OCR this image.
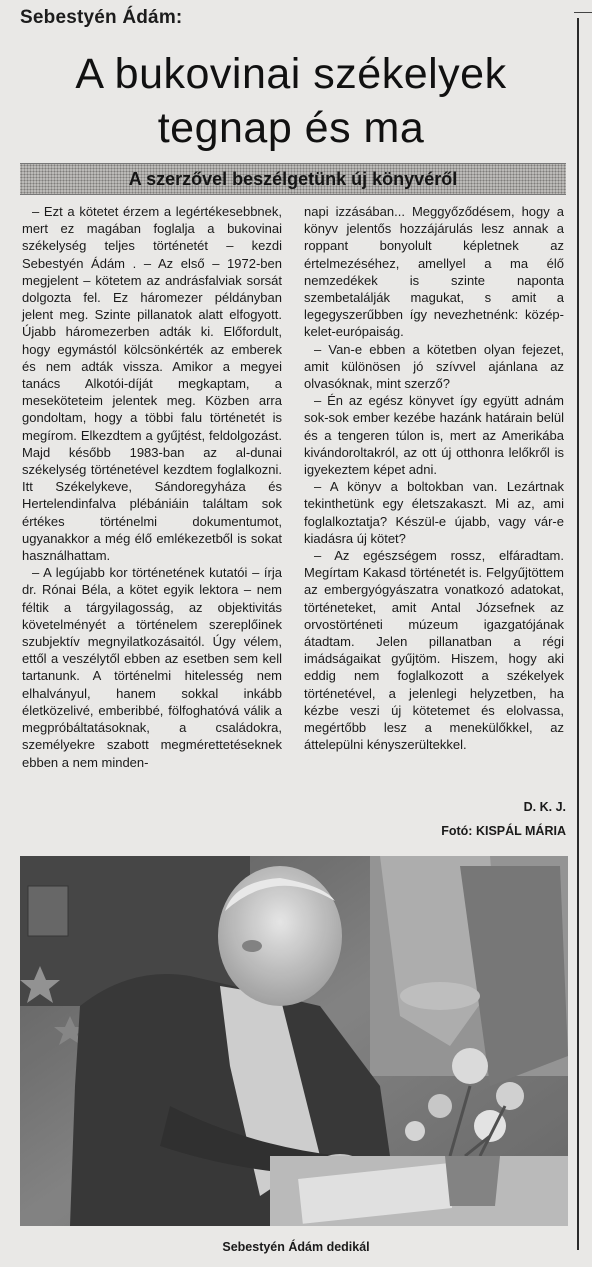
Sebestyén Ádám:
A bukovinai székelyek
tegnap és ma
A szerzővel beszélgetünk új könyvéről

– Ezt a kötetet érzem a legértékesebbnek, mert ez magában foglalja a bukovinai székelység teljes történetét – kezdi Sebestyén Ádám . – Az első – 1972-ben megjelent – kötetem az andrásfalviak sorsát dolgozta fel. Ez háromezer példányban jelent meg. Szinte pillanatok alatt elfogyott. Újabb háromezerben adták ki. Előfordult, hogy egymástól kölcsönkérték az emberek és nem adták vissza. Amikor a megyei tanács Alkotói-díját megkaptam, a meseköteteim jelentek meg. Közben arra gondoltam, hogy a többi falu történetét is megírom. Elkezdtem a gyűjtést, feldolgozást. Majd később 1983-ban az al-dunai székelység történetével kezdtem foglalkozni. Itt Székelykeve, Sándoregyháza és Hertelendinfalva plébániáin találtam sok értékes történelmi dokumentumot, ugyanakkor a még élő emlékezetből is sokat használhattam.

– A legújabb kor történetének kutatói – írja dr. Rónai Béla, a kötet egyik lektora – nem féltik a tárgyilagosság, az objektivitás követelményét a történelem szereplőinek szubjektív megnyilatkozásaitól. Úgy vélem, ettől a veszélytől ebben az esetben sem kell tartanunk. A történelmi hitelesség nem elhalványul, hanem sokkal inkább életközelivé, emberibbé, fölfoghatóvá válik a megpróbáltatásoknak, a családokra, személyekre szabott megmérettetéseknek ebben a nem minden-

napi izzásában... Meggyőződésem, hogy a könyv jelentős hozzájárulás lesz annak a roppant bonyolult képletnek az értelmezéséhez, amellyel a ma élő nemzedékek is szinte naponta szembetalálják magukat, s amit a legegyszerűbben így nevezhetnénk: közép-kelet-európaiság.

– Van-e ebben a kötetben olyan fejezet, amit különösen jó szívvel ajánlana az olvasóknak, mint szerző?

– Én az egész könyvet így együtt adnám sok-sok ember kezébe hazánk határain belül és a tengeren túlon is, mert az Amerikába kivándoroltakról, az ott új otthonra lelőkről is igyekeztem képet adni.

– A könyv a boltokban van. Lezártnak tekinthetünk egy életszakaszt. Mi az, ami foglalkoztatja? Készül-e újabb, vagy vár-e kiadásra új kötet?

– Az egészségem rossz, elfáradtam. Megírtam Kakasd történetét is. Felgyűjtöttem az embergyógyászatra vonatkozó adatokat, történeteket, amit Antal Józsefnek az orvostörténeti múzeum igazgatójának átadtam. Jelen pillanatban a régi imádságaikat gyűjtöm. Hiszem, hogy aki eddig nem foglalkozott a székelyek történetével, a jelenlegi helyzetben, ha kézbe veszi új kötetemet és elolvassa, megértőbb lesz a menekülőkkel, az áttelepülni kényszerültekkel.

D. K. J.
Fotó: KISPÁL MÁRIA
Sebestyén Ádám dedikál
